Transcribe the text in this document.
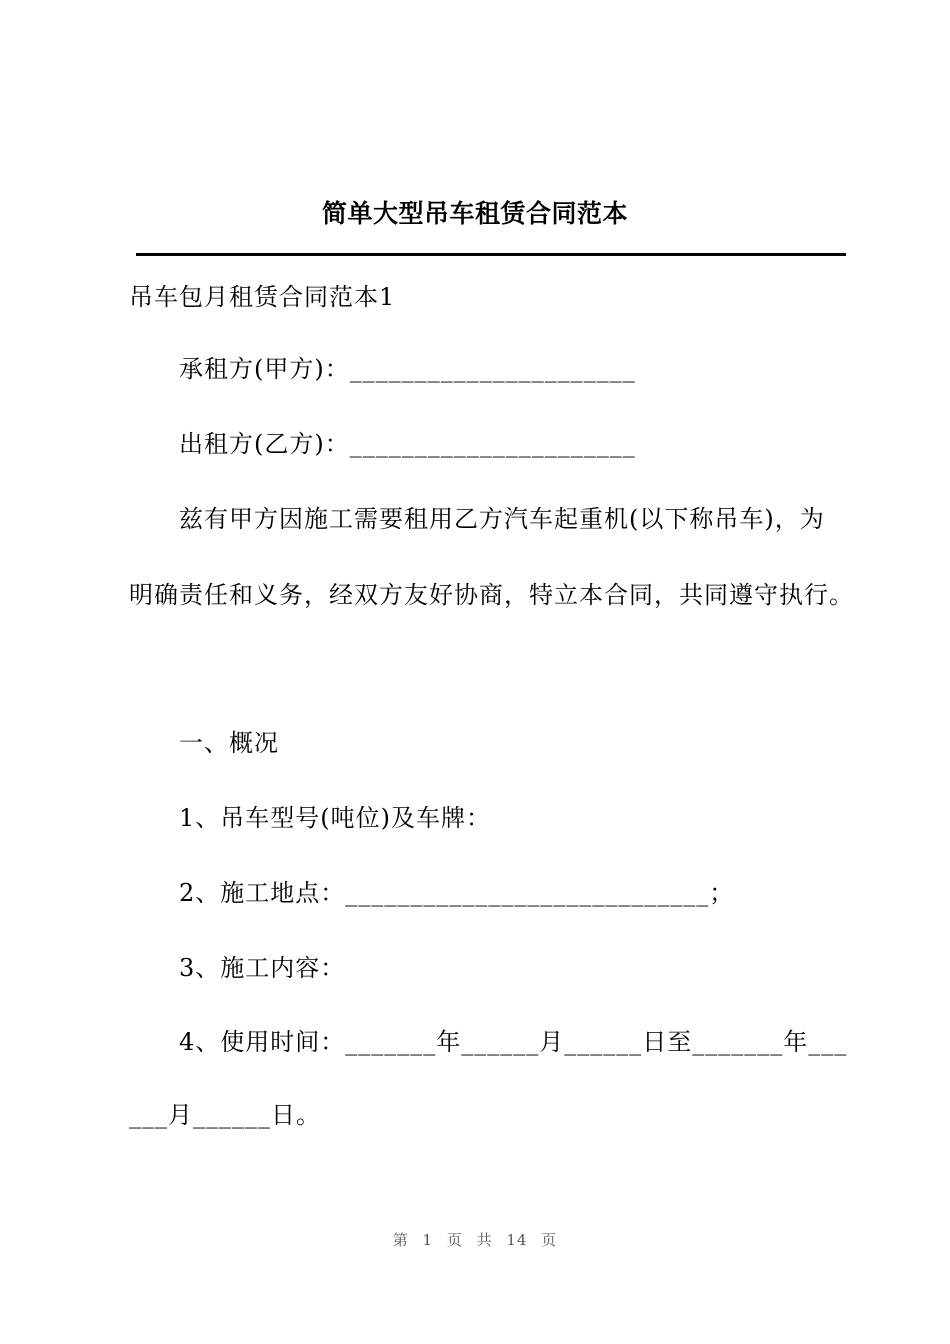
简单大型吊车租赁合同范本
吊车包月租赁合同范本1
承租方(甲方)：______________________
出租方(乙方)：______________________
兹有甲方因施工需要租用乙方汽车起重机(以下称吊车)，为
明确责任和义务，经双方友好协商，特立本合同，共同遵守执行。
一、概况
1、吊车型号(吨位)及车牌：
2、施工地点：____________________________；
3、施工内容：
4、使用时间：_______年______月______日至_______年___
___月______日。
第 1 页 共 14 页
